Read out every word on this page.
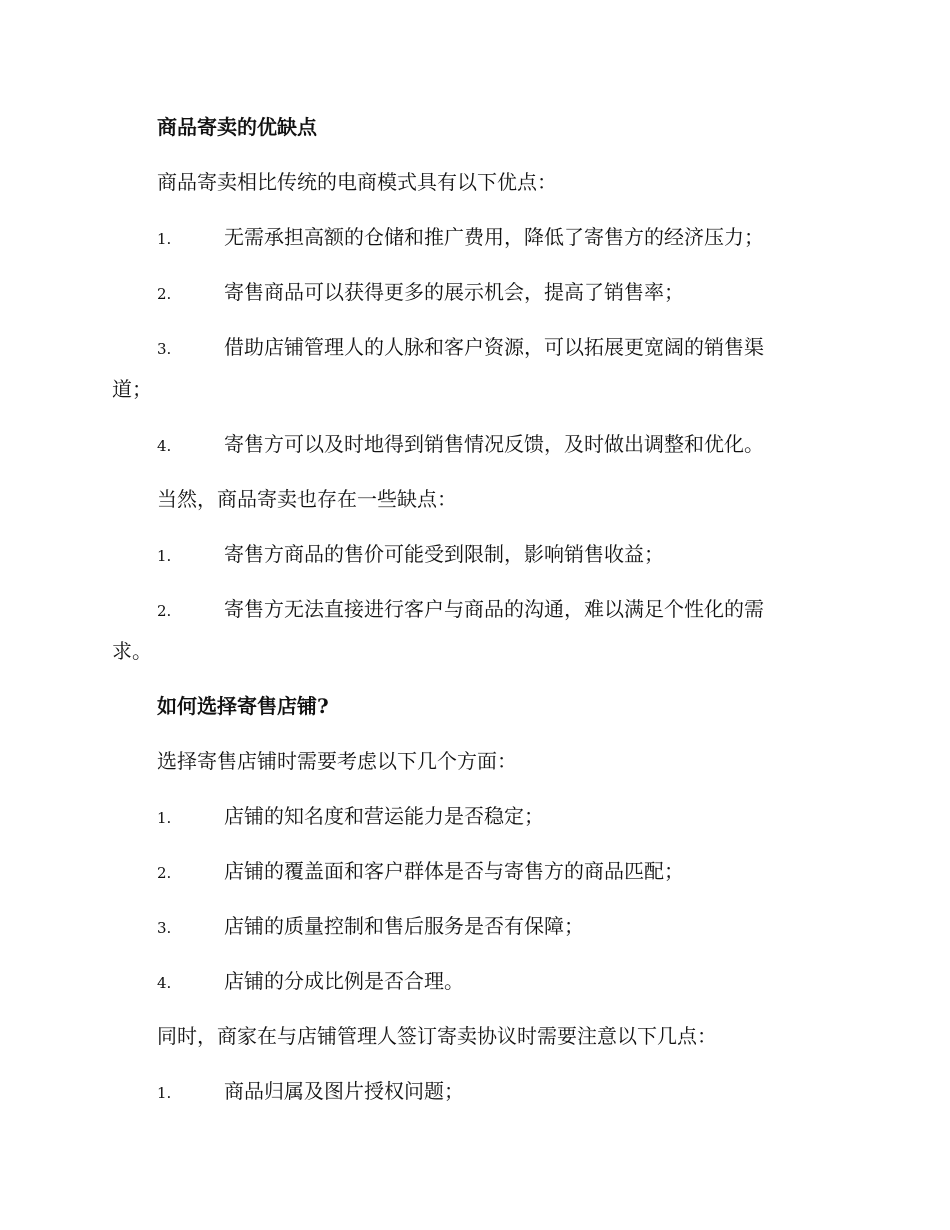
商品寄卖的优缺点
商品寄卖相比传统的电商模式具有以下优点：
1.	无需承担高额的仓储和推广费用，降低了寄售方的经济压力；
2.	寄售商品可以获得更多的展示机会，提高了销售率；
3.	借助店铺管理人的人脉和客户资源，可以拓展更宽阔的销售渠
道；
4.	寄售方可以及时地得到销售情况反馈，及时做出调整和优化。
当然，商品寄卖也存在一些缺点：
1.	寄售方商品的售价可能受到限制，影响销售收益；
2.	寄售方无法直接进行客户与商品的沟通，难以满足个性化的需
求。
如何选择寄售店铺?
选择寄售店铺时需要考虑以下几个方面：
1.	店铺的知名度和营运能力是否稳定；
2.	店铺的覆盖面和客户群体是否与寄售方的商品匹配；
3.	店铺的质量控制和售后服务是否有保障；
4.	店铺的分成比例是否合理。
同时，商家在与店铺管理人签订寄卖协议时需要注意以下几点：
1.	商品归属及图片授权问题；
